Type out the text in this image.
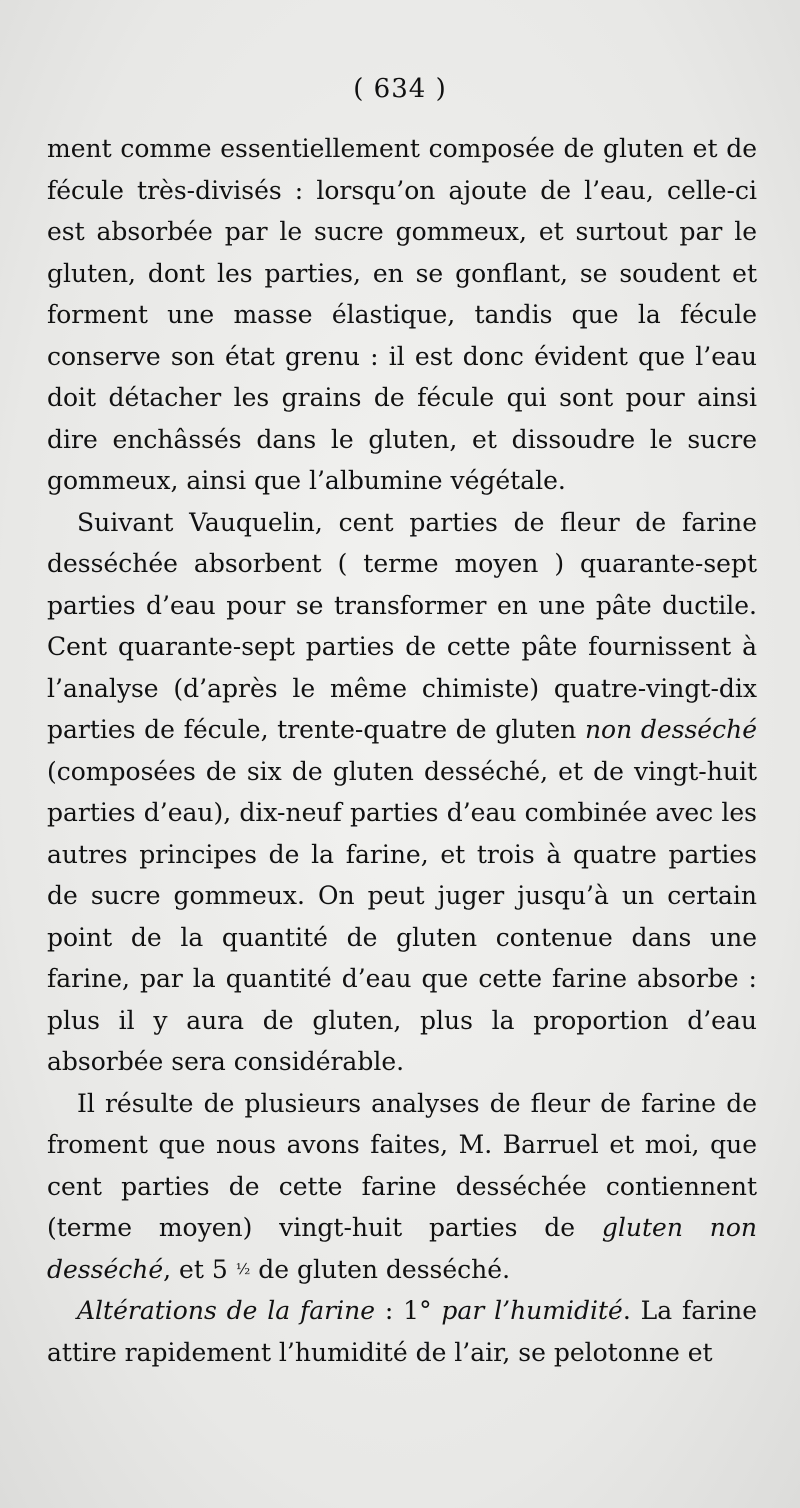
( 634 )

ment comme essentiellement composée de gluten et de fécule très-divisés : lorsqu’on ajoute de l’eau, celle-ci est absorbée par le sucre gommeux, et surtout par le gluten, dont les parties, en se gonflant, se soudent et forment une masse élastique, tandis que la fécule conserve son état grenu : il est donc évident que l’eau doit détacher les grains de fécule qui sont pour ainsi dire enchâssés dans le gluten, et dissoudre le sucre gommeux, ainsi que l’albumine végétale.

Suivant Vauquelin, cent parties de fleur de farine desséchée absorbent ( terme moyen ) quarante-sept parties d’eau pour se transformer en une pâte ductile. Cent quarante-sept parties de cette pâte fournissent à l’analyse (d’après le même chimiste) quatre-vingt-dix parties de fécule, trente-quatre de gluten non desséché (composées de six de gluten desséché, et de vingt-huit parties d’eau), dix-neuf parties d’eau combinée avec les autres principes de la farine, et trois à quatre parties de sucre gommeux. On peut juger jusqu’à un certain point de la quantité de gluten contenue dans une farine, par la quantité d’eau que cette farine absorbe : plus il y aura de gluten, plus la proportion d’eau absorbée sera considérable.

Il résulte de plusieurs analyses de fleur de farine de froment que nous avons faites, M. Barruel et moi, que cent parties de cette farine desséchée contiennent (terme moyen) vingt-huit parties de gluten non desséché, et 5 ½ de gluten desséché.

Altérations de la farine : 1° par l’humidité. La farine attire rapidement l’humidité de l’air, se pelotonne et
